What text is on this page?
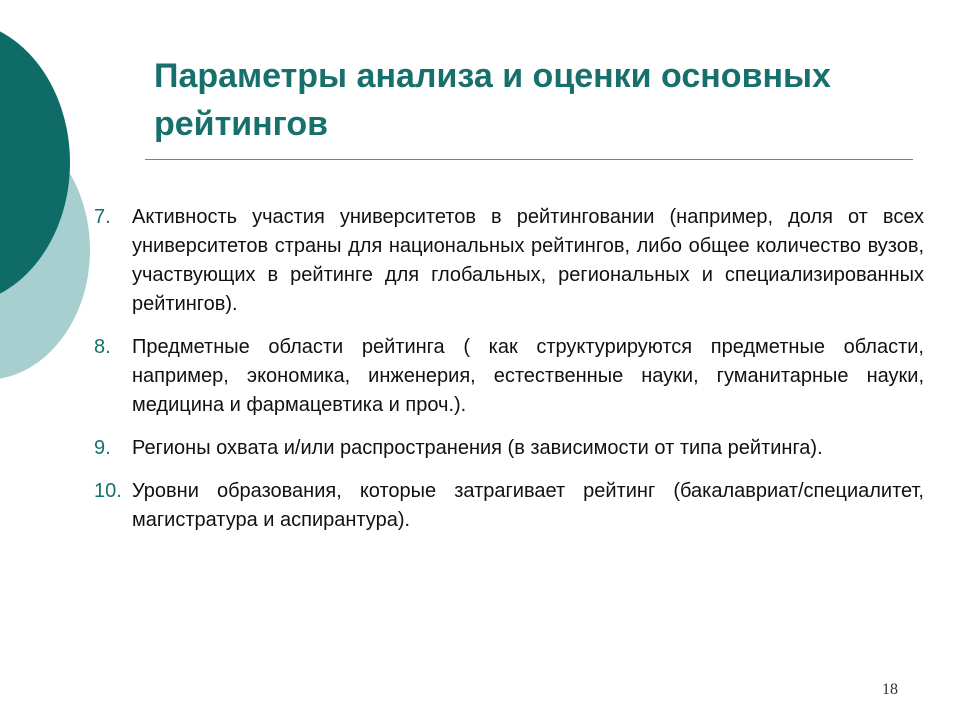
Параметры анализа и оценки основных рейтингов
7.	Активность участия университетов в рейтинговании (например, доля от всех университетов страны для национальных рейтингов, либо общее количество вузов, участвующих в рейтинге для глобальных, региональных и специализированных рейтингов).
8.	Предметные области рейтинга ( как структурируются предметные области, например, экономика, инженерия, естественные науки, гуманитарные науки, медицина и фармацевтика и проч.).
9.	Регионы охвата и/или распространения (в зависимости от типа рейтинга).
10. Уровни образования, которые затрагивает рейтинг (бакалавриат/специалитет, магистратура и аспирантура).
18
